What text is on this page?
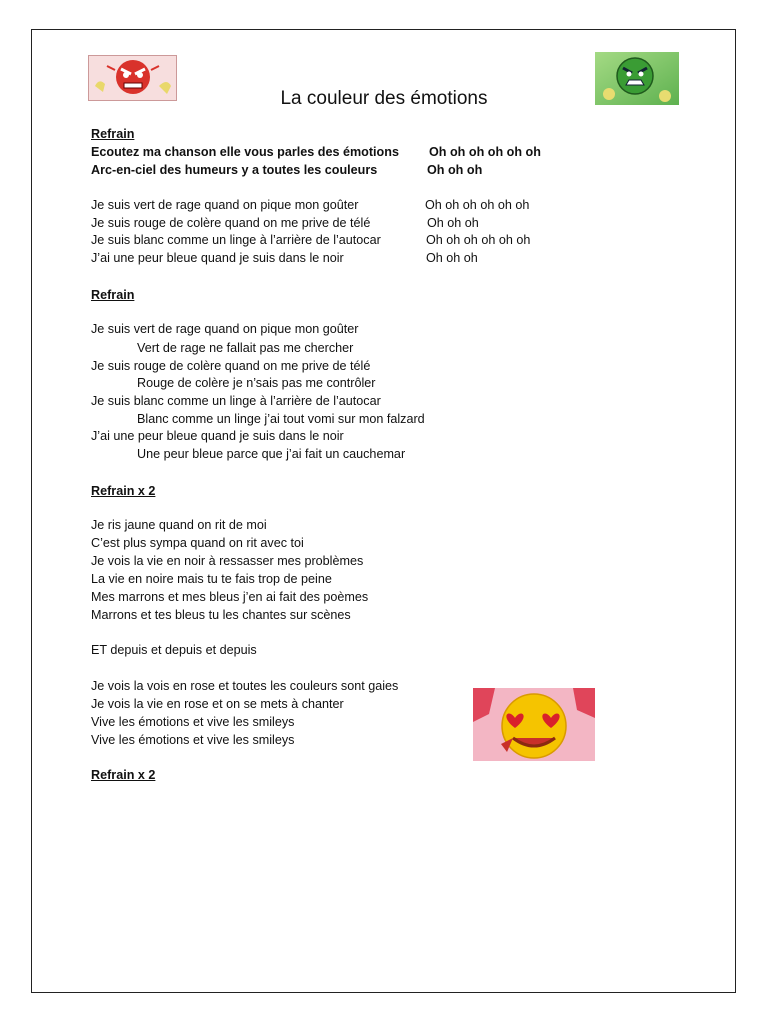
La couleur des émotions
Refrain
Ecoutez ma chanson elle vous parles des émotions Oh oh oh oh oh oh
Arc-en-ciel des humeurs y a toutes les couleurs	Oh oh oh
Je suis vert de rage quand on pique mon goûter	Oh oh oh oh oh oh
Je suis rouge de colère quand on me prive de télé	Oh oh oh
Je suis blanc comme un linge à l’arrière de l’autocar	Oh oh oh oh oh oh
J’ai une peur bleue quand je suis dans le noir	Oh oh oh
Refrain
Je suis vert de rage quand on pique mon goûter
Vert de rage ne fallait pas me chercher
Je suis rouge de colère quand on me prive de télé
Rouge de colère je n’sais pas me contrôler
Je suis blanc comme un linge à l’arrière de l’autocar
Blanc comme un linge j’ai tout vomi sur mon falzard
J’ai une peur bleue quand je suis dans le noir
Une peur bleue parce que j’ai fait un cauchemar
Refrain x 2
Je ris jaune quand on rit de moi
C’est plus sympa quand on rit avec toi
Je vois la vie en noir à ressasser mes problèmes
La vie en noire mais tu te fais trop de peine
Mes marrons et mes bleus j’en ai fait des poèmes
Marrons et tes bleus tu les chantes sur scènes
ET depuis et depuis et depuis
Je vois la vois en rose et toutes les couleurs sont gaies
Je vois la vie en rose et on se mets à chanter
Vive les émotions et vive les smileys
Vive les émotions et vive les smileys
Refrain x 2
